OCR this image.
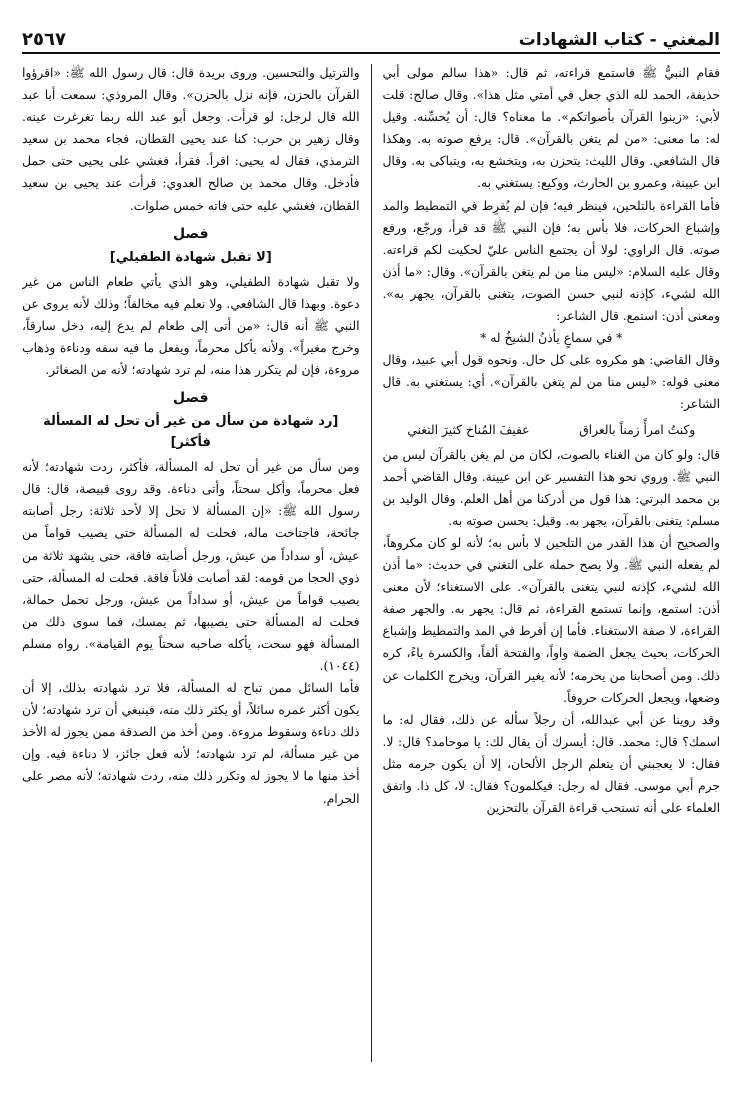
المغني - كتاب الشهادات
٢٥٦٧

فقام النبيُّ ﷺ فاستمع قراءته، ثم قال: «هذا سالم مولى أبي حذيفة، الحمد لله الذي جعل في أمتي مثل هذا». وقال صالح: قلت لأبي: «زينوا القرآن بأصواتكم». ما معناه؟ قال: أن يُحسِّنه. وقيل له: ما معنى: «من لم يتغن بالقرآن». قال: يرفع صوته به. وهكذا قال الشافعي. وقال الليث: يتحزن به، ويتخشع به، ويتباكى به. وقال ابن عيينة، وعمرو بن الحارث، ووكيع: يستغني به.

فأما القراءة بالتلحين، فينظر فيه؛ فإن لم يُفرِط في التمطيط والمد وإشباع الحركات، فلا بأس به؛ فإن النبي ﷺ قد قرأ، ورجّع، ورفع صوته. قال الراوي: لولا أن يجتمع الناس عليّ لحكيت لكم قراءته. وقال عليه السلام: «ليس منا من لم يتغن بالقرآن». وقال: «ما أذن الله لشيء، كإذنه لنبي حسن الصوت، يتغنى بالقرآن، يجهر به». ومعنى أذن: استمع. قال الشاعر:

* في سماعٍ يأذنُ الشيخُ له *

وقال القاضي: هو مكروه على كل حال. ونحوه قول أبي عبيد، وقال معنى قوله: «ليس منا من لم يتغن بالقرآن». أي: يستغني به. قال الشاعر:

وكنتُ امرأً زمناً بالعراق
عفيفَ المُناخ كثيرَ التغني

قال: ولو كان من الغناء بالصوت، لكان من لم يغن بالقرآن ليس من النبي ﷺ. وروي نحو هذا التفسير عن ابن عيينة. وقال القاضي أحمد بن محمد البرتي: هذا قول من أدركنا من أهل العلم. وقال الوليد بن مسلم: يتغنى بالقرآن، يجهر به. وقيل: يحسن صوته به.

والصحيح أن هذا القدر من التلحين لا بأس به؛ لأنه لو كان مكروهاً، لم يفعله النبي ﷺ. ولا يصح حمله على التغني في حديث: «ما أذن الله لشيء، كإذنه لنبي يتغنى بالقرآن». على الاستغناء؛ لأن معنى أذن: استمع، وإنما تستمع القراءة، ثم قال: يجهر به. والجهر صفة القراءة، لا صفة الاستغناء. فأما إن أفرط في المد والتمطيط وإشباع الحركات، بحيث يجعل الضمة واواً، والفتحة ألفاً، والكسرة ياءً، كره ذلك. ومن أصحابنا من يحرمه؛ لأنه يغير القرآن، ويخرج الكلمات عن وضعها، ويجعل الحركات حروفاً.

وقد روينا عن أبي عبدالله، أن رجلاً سأله عن ذلك، فقال له: ما اسمك؟ قال: محمد. قال: أيسرك أن يقال لك: يا موحامد؟ قال: لا. فقال: لا يعجبني أن يتعلم الرجل الألحان، إلا أن يكون جرمه مثل جرم أبي موسى. فقال له رجل: فيكلمون؟ فقال: لا، كل ذا. واتفق العلماء على أنه تستحب قراءة القرآن بالتحزين

والترتيل والتحسين. وروى بريدة قال: قال رسول الله ﷺ: «اقرؤوا القرآن بالحزن، فإنه نزل بالحزن». وقال المروذي: سمعت أبا عبد الله قال لرجل: لو قرأت. وجعل أبو عبد الله ربما تغرغرت عينه. وقال زهير بن حرب: كنا عند يحيى القطان، فجاء محمد بن سعيد الترمذي، فقال له يحيى: اقرأ. فقرأ، فغشي على يحيى حتى حمل فأدخل. وقال محمد بن صالح العدوي: قرأت عند يحيى بن سعيد القطان، فغشي عليه حتى فاته خمس صلوات.

فصل
[لا تقبل شهادة الطفيلي]

ولا تقبل شهادة الطفيلي، وهو الذي يأتي طعام الناس من غير دعوة. وبهذا قال الشافعي. ولا نعلم فيه مخالفاً؛ وذلك لأنه يروى عن النبي ﷺ أنه قال: «من أتى إلى طعام لم يدع إليه، دخل سارقاً، وخرج مغيراً». ولأنه يأكل محرماً، ويفعل ما فيه سفه ودناءة وذهاب مروءة، فإن لم يتكرر هذا منه، لم ترد شهادته؛ لأنه من الصغائر.

فصل
[رد شهادة من سأل من غير أن تحل له المسألة فأكثر]

ومن سأل من غير أن تحل له المسألة، فأكثر، ردت شهادته؛ لأنه فعل محرماً، وأكل سحتاً، وأتى دناءة. وقد روى قبيصة، قال: قال رسول الله ﷺ: «إن المسألة لا تحل إلا لأحد ثلاثة: رجل أصابته جائحة، فاجتاحت ماله، فحلت له المسألة حتى يصيب قواماً من عيش، أو سداداً من عيش، ورجل أصابته فاقة، حتى يشهد ثلاثة من ذوي الحجا من قومه: لقد أصابت فلاناً فاقة. فحلت له المسألة، حتى يصيب قواماً من عيش، أو سداداً من عيش، ورجل تحمل حمالة، فحلت له المسألة حتى يصيبها، ثم يمسك، فما سوى ذلك من المسألة فهو سحت، يأكله صاحبه سحتاً يوم القيامة». رواه مسلم (١٠٤٤).

فأما السائل ممن تباح له المسألة، فلا ترد شهادته بذلك، إلا أن يكون أكثر عمره سائلاً، أو يكثر ذلك منه، فينبغي أن ترد شهادته؛ لأن ذلك دناءة وسقوط مروءة. ومن أخذ من الصدقة ممن يجوز له الأخذ من غير مسألة، لم ترد شهادته؛ لأنه فعل جائز، لا دناءة فيه. وإن أخذ منها ما لا يجوز له وتكرر ذلك منه، ردت شهادته؛ لأنه مصر على الحرام.
